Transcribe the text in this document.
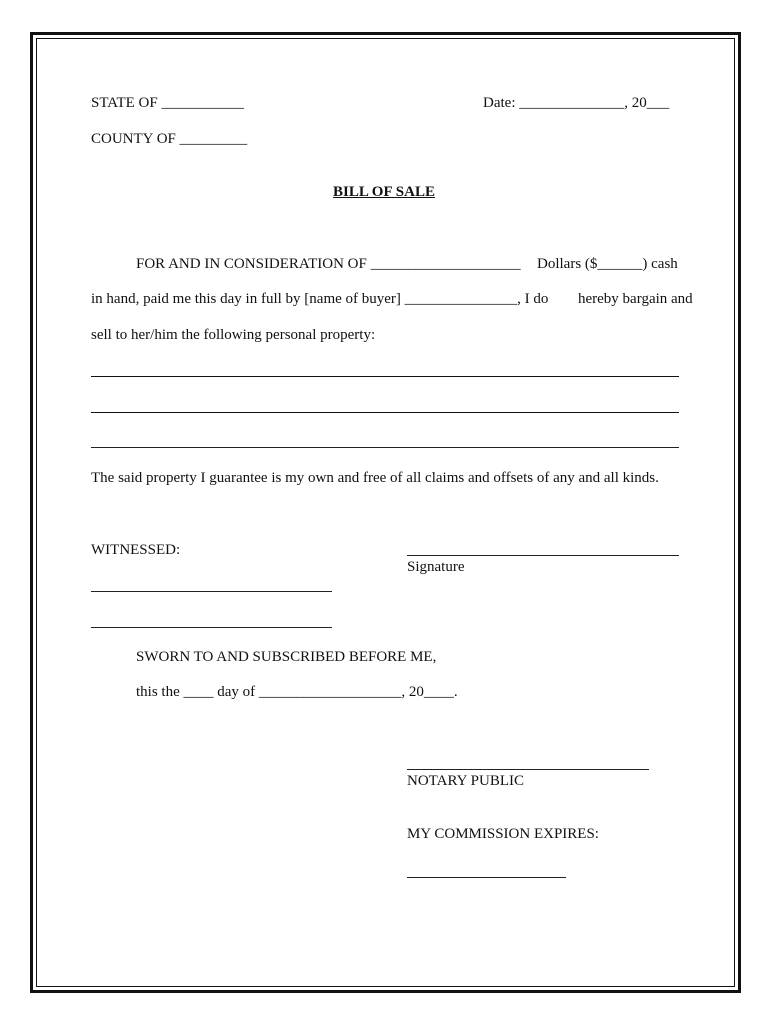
STATE OF ___________	Date: ______________, 20___
COUNTY OF _________
BILL OF SALE
FOR AND IN CONSIDERATION OF ____________________ Dollars ($______) cash
in hand, paid me this day in full by [name of buyer] _______________, I do hereby bargain and
sell to her/him the following personal property:
The said property I guarantee is my own and free of all claims and offsets of any and all kinds.
WITNESSED:
Signature
SWORN TO AND SUBSCRIBED BEFORE ME,
this the ____ day of ___________________, 20____.
NOTARY PUBLIC
MY COMMISSION EXPIRES:
